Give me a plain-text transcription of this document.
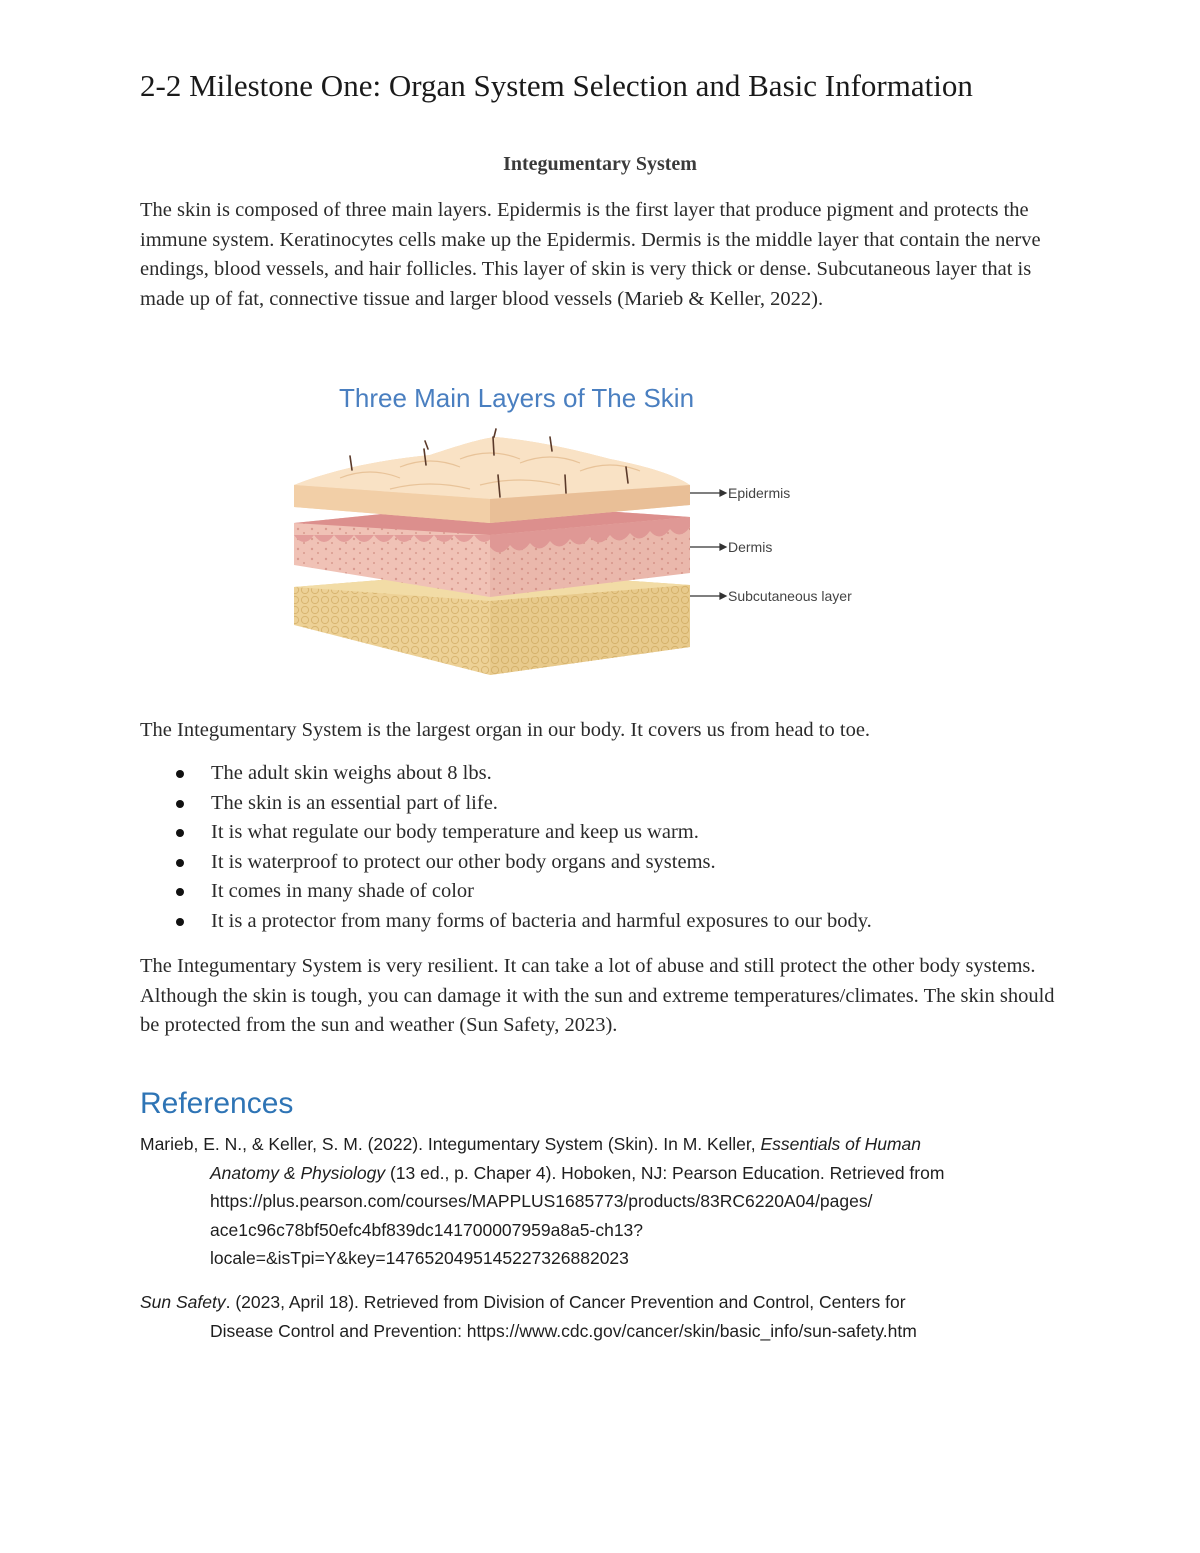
2-2 Milestone One: Organ System Selection and Basic Information

Integumentary System

The skin is composed of three main layers. Epidermis is the first layer that produce pigment and protects the immune system. Keratinocytes cells make up the Epidermis. Dermis is the middle layer that contain the nerve endings, blood vessels, and hair follicles. This layer of skin is very thick or dense. Subcutaneous layer that is made up of fat, connective tissue and larger blood vessels (Marieb & Keller, 2022).

Three Main Layers of The Skin
Epidermis
Dermis
Subcutaneous layer

The Integumentary System is the largest organ in our body. It covers us from head to toe.

The adult skin weighs about 8 lbs.
The skin is an essential part of life.
It is what regulate our body temperature and keep us warm.
It is waterproof to protect our other body organs and systems.
It comes in many shade of color
It is a protector from many forms of bacteria and harmful exposures to our body.

The Integumentary System is very resilient. It can take a lot of abuse and still protect the other body systems. Although the skin is tough, you can damage it with the sun and extreme temperatures/climates. The skin should be protected from the sun and weather (Sun Safety, 2023).

References
Marieb, E. N., & Keller, S. M. (2022). Integumentary System (Skin). In M. Keller, Essentials of Human
Anatomy & Physiology (13 ed., p. Chaper 4). Hoboken, NJ: Pearson Education. Retrieved from
https://plus.pearson.com/courses/MAPPLUS1685773/products/83RC6220A04/pages/
ace1c96c78bf50efc4bf839dc141700007959a8a5-ch13?
locale=&isTpi=Y&key=147652049514522732688​2023
Sun Safety. (2023, April 18). Retrieved from Division of Cancer Prevention and Control, Centers for
Disease Control and Prevention: https://www.cdc.gov/cancer/skin/basic_info/sun-safety.htm
